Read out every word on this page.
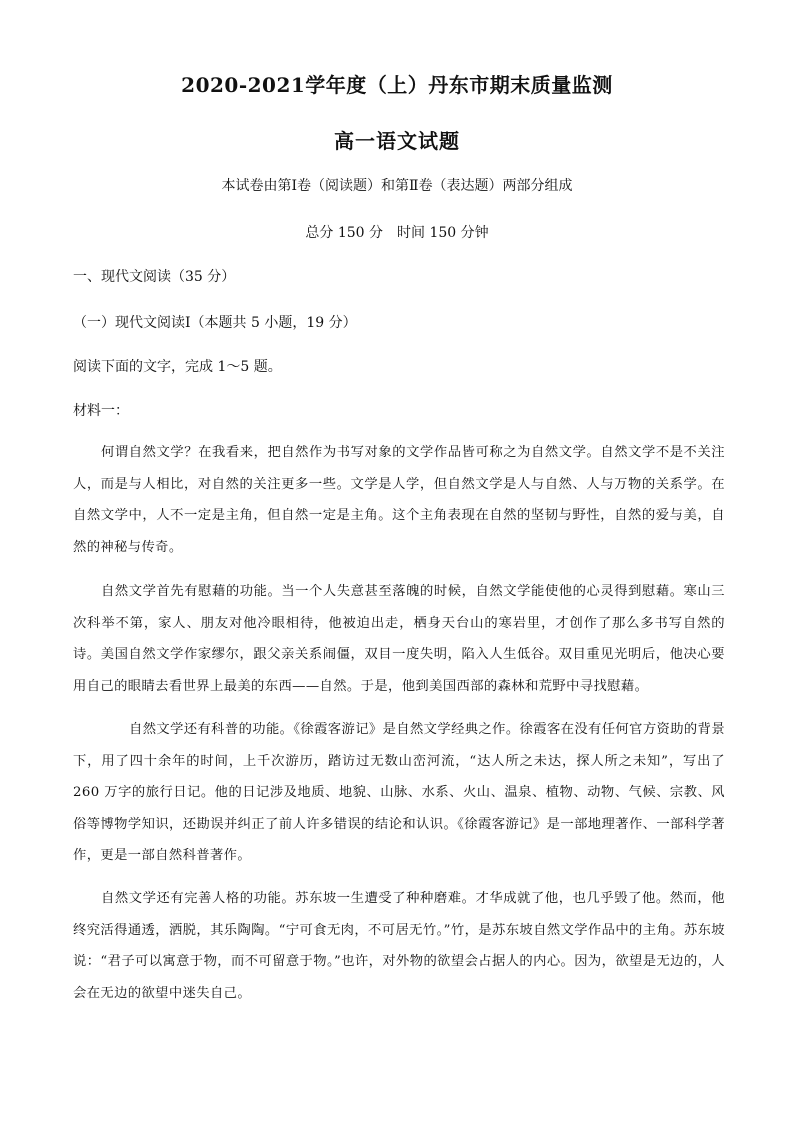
2020-2021学年度（上）丹东市期末质量监测
高一语文试题
本试卷由第Ⅰ卷（阅读题）和第Ⅱ卷（表达题）两部分组成
总分 150 分　时间 150 分钟
一、现代文阅读（35 分）
（一）现代文阅读Ⅰ（本题共 5 小题，19 分）
阅读下面的文字，完成 1～5 题。
材料一：

何谓自然文学？在我看来，把自然作为书写对象的文学作品皆可称之为自然文学。自然文学不是不关注人，而是与人相比，对自然的关注更多一些。文学是人学，但自然文学是人与自然、人与万物的关系学。在自然文学中，人不一定是主角，但自然一定是主角。这个主角表现在自然的坚韧与野性，自然的爱与美，自然的神秘与传奇。

自然文学首先有慰藉的功能。当一个人失意甚至落魄的时候，自然文学能使他的心灵得到慰藉。寒山三次科举不第，家人、朋友对他冷眼相待，他被迫出走，栖身天台山的寒岩里，才创作了那么多书写自然的诗。美国自然文学作家缪尔，跟父亲关系闹僵，双目一度失明，陷入人生低谷。双目重见光明后，他决心要用自己的眼睛去看世界上最美的东西——自然。于是，他到美国西部的森林和荒野中寻找慰藉。

自然文学还有科普的功能。《徐霞客游记》是自然文学经典之作。徐霞客在没有任何官方资助的背景下，用了四十余年的时间，上千次游历，踏访过无数山峦河流，“达人所之未达，探人所之未知”，写出了 260 万字的旅行日记。他的日记涉及地质、地貌、山脉、水系、火山、温泉、植物、动物、气候、宗教、风俗等博物学知识，还勘误并纠正了前人许多错误的结论和认识。《徐霞客游记》是一部地理著作、一部科学著作，更是一部自然科普著作。

自然文学还有完善人格的功能。苏东坡一生遭受了种种磨难。才华成就了他，也几乎毁了他。然而，他终究活得通透，洒脱，其乐陶陶。“宁可食无肉，不可居无竹。”竹，是苏东坡自然文学作品中的主角。苏东坡说：“君子可以寓意于物，而不可留意于物。”也许，对外物的欲望会占据人的内心。因为，欲望是无边的，人会在无边的欲望中迷失自己。
